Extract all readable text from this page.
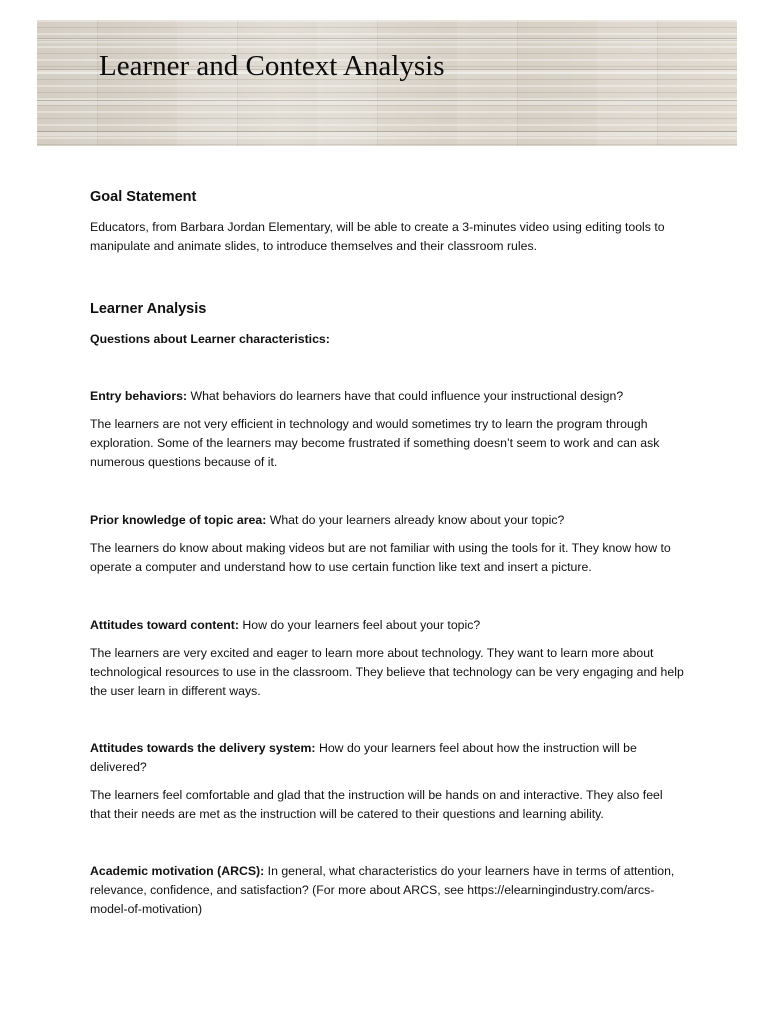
Learner and Context Analysis
Goal Statement

Educators, from Barbara Jordan Elementary, will be able to create a 3-minutes video using editing tools to manipulate and animate slides, to introduce themselves and their classroom rules.

Learner Analysis

Questions about Learner characteristics:

Entry behaviors: What behaviors do learners have that could influence your instructional design?

The learners are not very efficient in technology and would sometimes try to learn the program through exploration. Some of the learners may become frustrated if something doesn’t seem to work and can ask numerous questions because of it.

Prior knowledge of topic area: What do your learners already know about your topic?

The learners do know about making videos but are not familiar with using the tools for it. They know how to operate a computer and understand how to use certain function like text and insert a picture.

Attitudes toward content: How do your learners feel about your topic?

The learners are very excited and eager to learn more about technology. They want to learn more about technological resources to use in the classroom. They believe that technology can be very engaging and help the user learn in different ways.

Attitudes towards the delivery system: How do your learners feel about how the instruction will be delivered?

The learners feel comfortable and glad that the instruction will be hands on and interactive. They also feel that their needs are met as the instruction will be catered to their questions and learning ability.

Academic motivation (ARCS): In general, what characteristics do your learners have in terms of attention, relevance, confidence, and satisfaction? (For more about ARCS, see https://elearningindustry.com/arcs-model-of-motivation)
